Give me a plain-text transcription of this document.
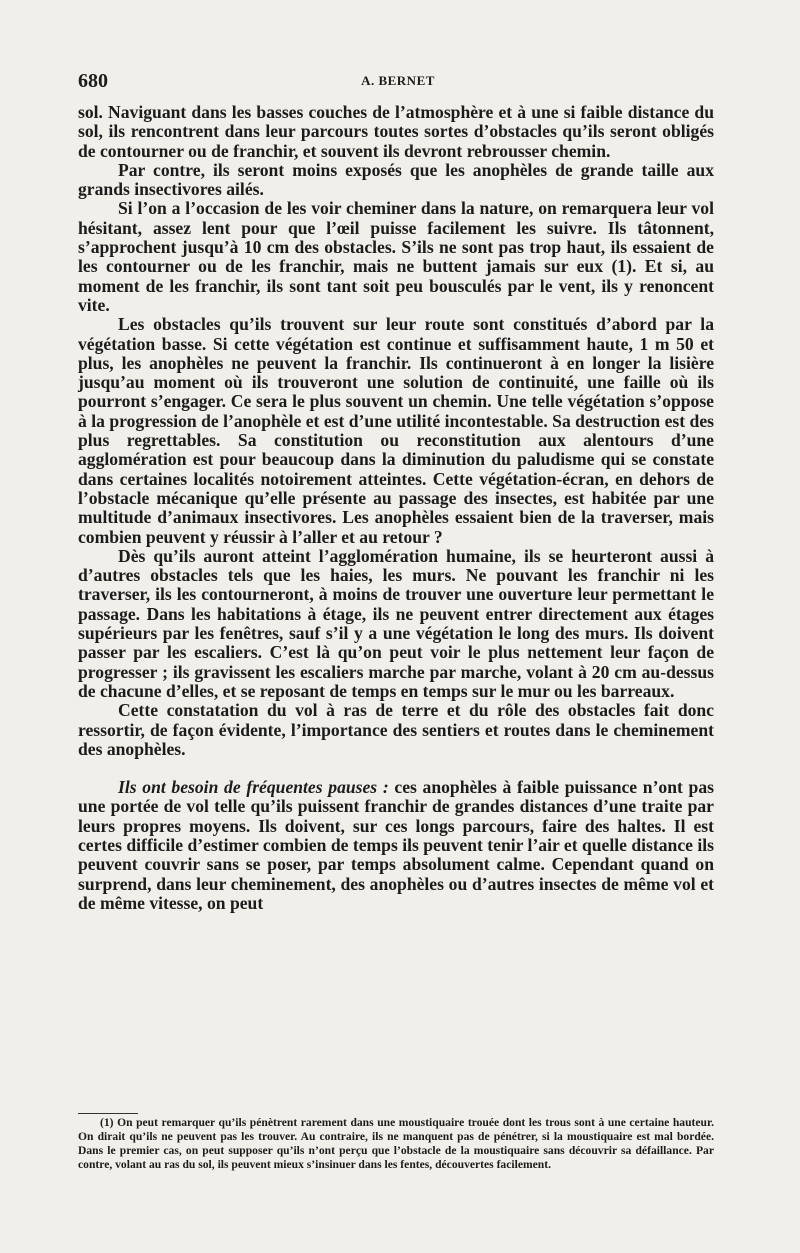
680	A. BERNET

sol. Naviguant dans les basses couches de l’atmosphère et à une si faible distance du sol, ils rencontrent dans leur parcours toutes sortes d’obstacles qu’ils seront obligés de contourner ou de franchir, et souvent ils devront rebrousser chemin.

Par contre, ils seront moins exposés que les anophèles de grande taille aux grands insectivores ailés.

Si l’on a l’occasion de les voir cheminer dans la nature, on remarquera leur vol hésitant, assez lent pour que l’œil puisse facilement les suivre. Ils tâtonnent, s’approchent jusqu’à 10 cm des obstacles. S’ils ne sont pas trop haut, ils essaient de les contourner ou de les franchir, mais ne buttent jamais sur eux (1). Et si, au moment de les franchir, ils sont tant soit peu bousculés par le vent, ils y renoncent vite.

Les obstacles qu’ils trouvent sur leur route sont constitués d’abord par la végétation basse. Si cette végétation est continue et suffisamment haute, 1 m 50 et plus, les anophèles ne peuvent la franchir. Ils continueront à en longer la lisière jusqu’au moment où ils trouveront une solution de continuité, une faille où ils pourront s’engager. Ce sera le plus souvent un chemin. Une telle végétation s’oppose à la progression de l’anophèle et est d’une utilité incontestable. Sa destruction est des plus regrettables. Sa constitution ou reconstitution aux alentours d’une agglomération est pour beaucoup dans la diminution du paludisme qui se constate dans certaines localités notoirement atteintes. Cette végétation-écran, en dehors de l’obstacle mécanique qu’elle présente au passage des insectes, est habitée par une multitude d’animaux insectivores. Les anophèles essaient bien de la traverser, mais combien peuvent y réussir à l’aller et au retour ?

Dès qu’ils auront atteint l’agglomération humaine, ils se heurteront aussi à d’autres obstacles tels que les haies, les murs. Ne pouvant les franchir ni les traverser, ils les contourneront, à moins de trouver une ouverture leur permettant le passage. Dans les habitations à étage, ils ne peuvent entrer directement aux étages supérieurs par les fenêtres, sauf s’il y a une végétation le long des murs. Ils doivent passer par les escaliers. C’est là qu’on peut voir le plus nettement leur façon de progresser ; ils gravissent les escaliers marche par marche, volant à 20 cm au-dessus de chacune d’elles, et se reposant de temps en temps sur le mur ou les barreaux.

Cette constatation du vol à ras de terre et du rôle des obstacles fait donc ressortir, de façon évidente, l’importance des sentiers et routes dans le cheminement des anophèles.

Ils ont besoin de fréquentes pauses : ces anophèles à faible puissance n’ont pas une portée de vol telle qu’ils puissent franchir de grandes distances d’une traite par leurs propres moyens. Ils doivent, sur ces longs parcours, faire des haltes. Il est certes difficile d’estimer combien de temps ils peuvent tenir l’air et quelle distance ils peuvent couvrir sans se poser, par temps absolument calme. Cependant quand on surprend, dans leur cheminement, des anophèles ou d’autres insectes de même vol et de même vitesse, on peut

(1) On peut remarquer qu’ils pénètrent rarement dans une moustiquaire trouée dont les trous sont à une certaine hauteur. On dirait qu’ils ne peuvent pas les trouver. Au contraire, ils ne manquent pas de pénétrer, si la moustiquaire est mal bordée. Dans le premier cas, on peut supposer qu’ils n’ont perçu que l’obstacle de la moustiquaire sans découvrir sa défaillance. Par contre, volant au ras du sol, ils peuvent mieux s’insinuer dans les fentes, découvertes facilement.
